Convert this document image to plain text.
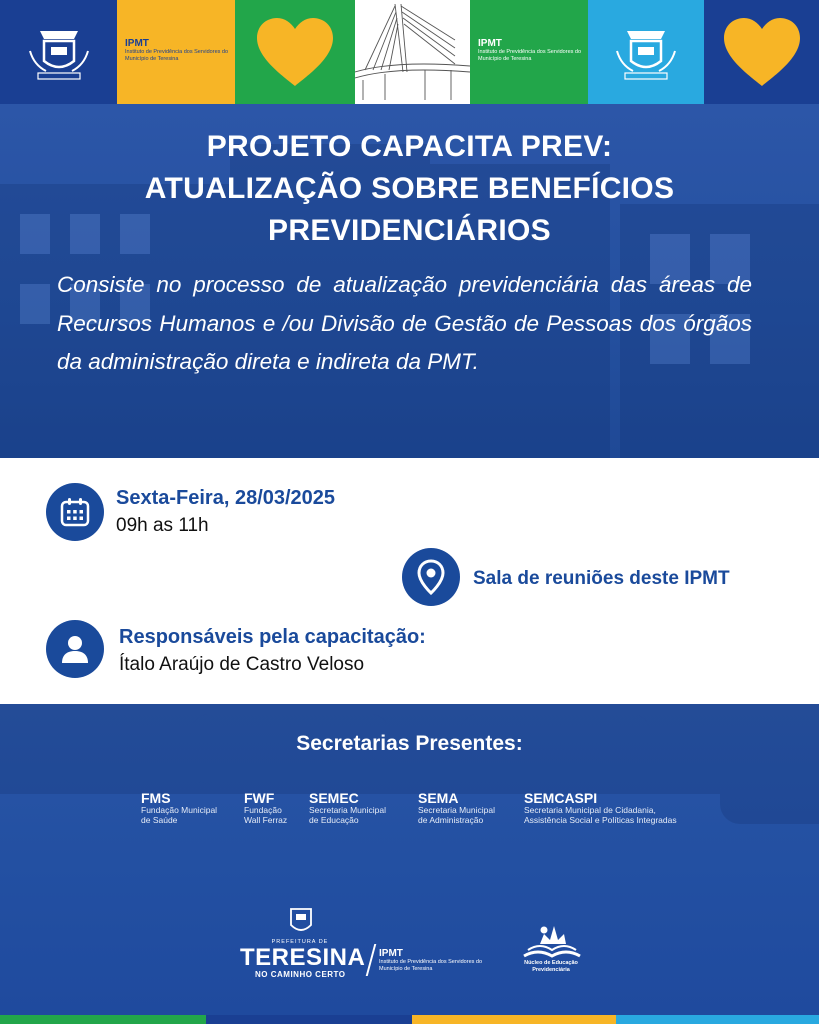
IPMT
Instituto de Previdência dos Servidores do Município de Teresina
IPMT
Instituto de Previdência dos Servidores do Município de Teresina
PROJETO CAPACITA PREV:
ATUALIZAÇÃO SOBRE BENEFÍCIOS
PREVIDENCIÁRIOS

Consiste no processo de atualização previdenciária das áreas de Recursos Humanos e /ou Divisão de Gestão de Pessoas dos órgãos da administração direta e indireta da PMT.

Sexta-Feira, 28/03/2025
09h as 11h
Sala de reuniões deste IPMT
Responsáveis pela capacitação:
Ítalo Araújo de Castro Veloso
Secretarias Presentes:
FMS
Fundação Municipal
de Saúde
FWF
Fundação
Wall Ferraz
SEMEC
Secretaria Municipal
de Educação
SEMA
Secretaria Municipal
de Administração
SEMCASPI
Secretaria Municipal de Cidadania,
Assistência Social e Políticas Integradas
PREFEITURA DE
TERESINA
NO CAMINHO CERTO
IPMT
Instituto de Previdência dos Servidores do Município de Teresina
Núcleo de Educação
Previdenciária
